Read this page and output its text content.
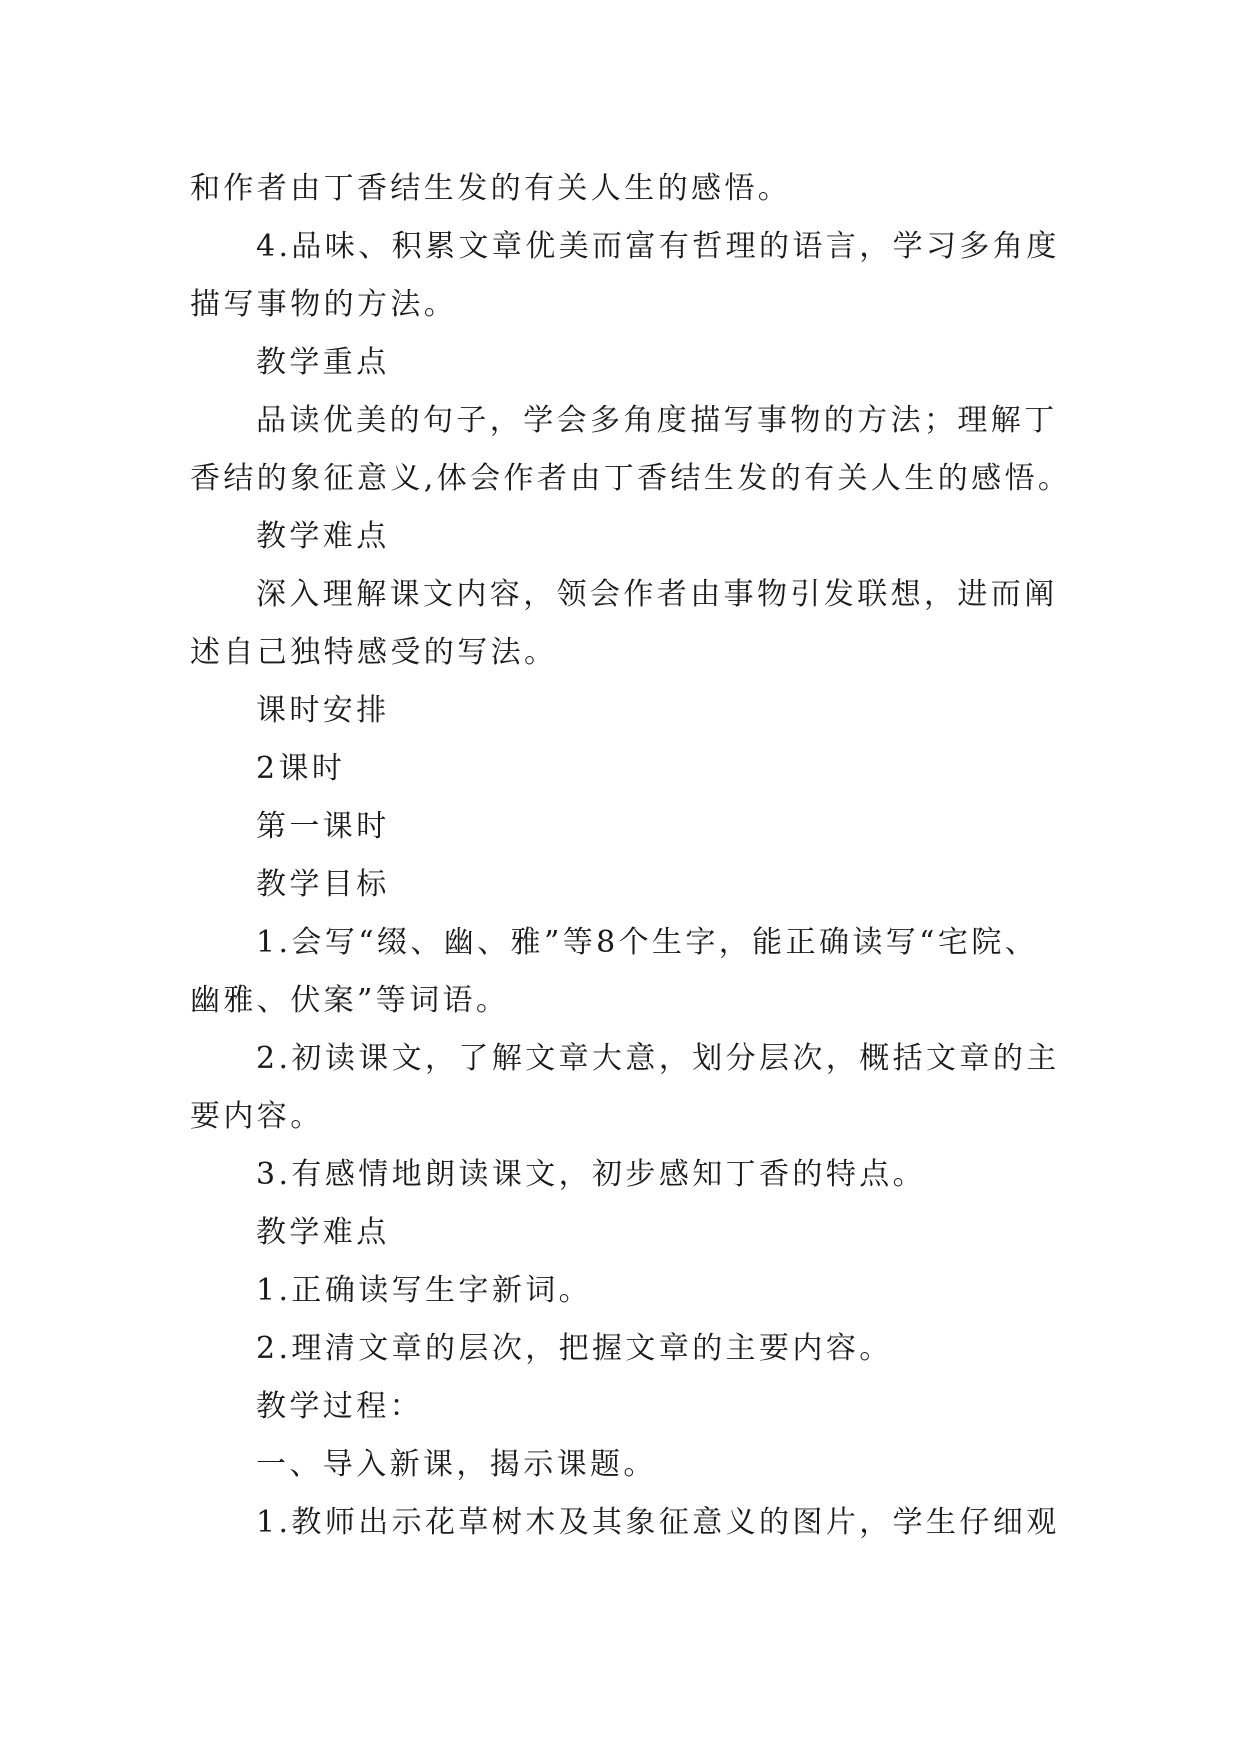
和作者由丁香结生发的有关人生的感悟。
4.品味、积累文章优美而富有哲理的语言，学习多角度
描写事物的方法。
教学重点
品读优美的句子，学会多角度描写事物的方法；理解丁
香结的象征意义,体会作者由丁香结生发的有关人生的感悟。
教学难点
深入理解课文内容，领会作者由事物引发联想，进而阐
述自己独特感受的写法。
课时安排
2课时
第一课时
教学目标
1.会写“缀、幽、雅”等8个生字，能正确读写“宅院、
幽雅、伏案”等词语。
2.初读课文，了解文章大意，划分层次，概括文章的主
要内容。
3.有感情地朗读课文，初步感知丁香的特点。
教学难点
1.正确读写生字新词。
2.理清文章的层次，把握文章的主要内容。
教学过程：
一、导入新课，揭示课题。
1.教师出示花草树木及其象征意义的图片，学生仔细观
